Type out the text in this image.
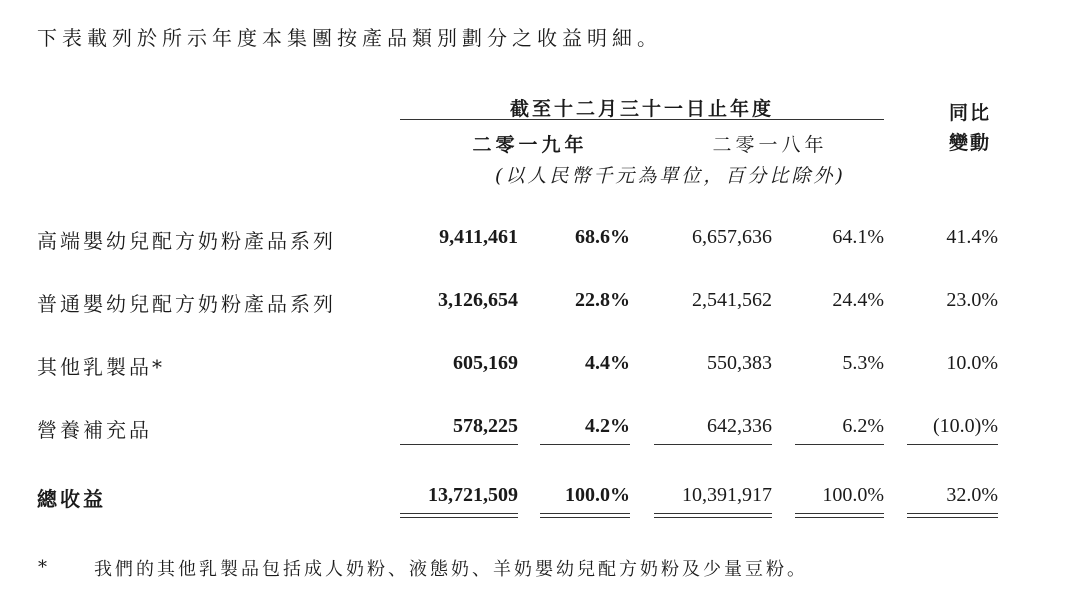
下表載列於所示年度本集團按產品類別劃分之收益明細。
截至十二月三十一日止年度
二零一九年	二零一八年
(以人民幣千元為單位，百分比除外)
同比
變動
高端嬰幼兒配方奶粉產品系列	9,411,461	68.6%	6,657,636	64.1%	41.4%
普通嬰幼兒配方奶粉產品系列	3,126,654	22.8%	2,541,562	24.4%	23.0%
其他乳製品*	605,169	4.4%	550,383	5.3%	10.0%
營養補充品	578,225	4.2%	642,336	6.2%	(10.0)%
總收益	13,721,509	100.0%	10,391,917	100.0%	32.0%
*	我們的其他乳製品包括成人奶粉、液態奶、羊奶嬰幼兒配方奶粉及少量豆粉。
